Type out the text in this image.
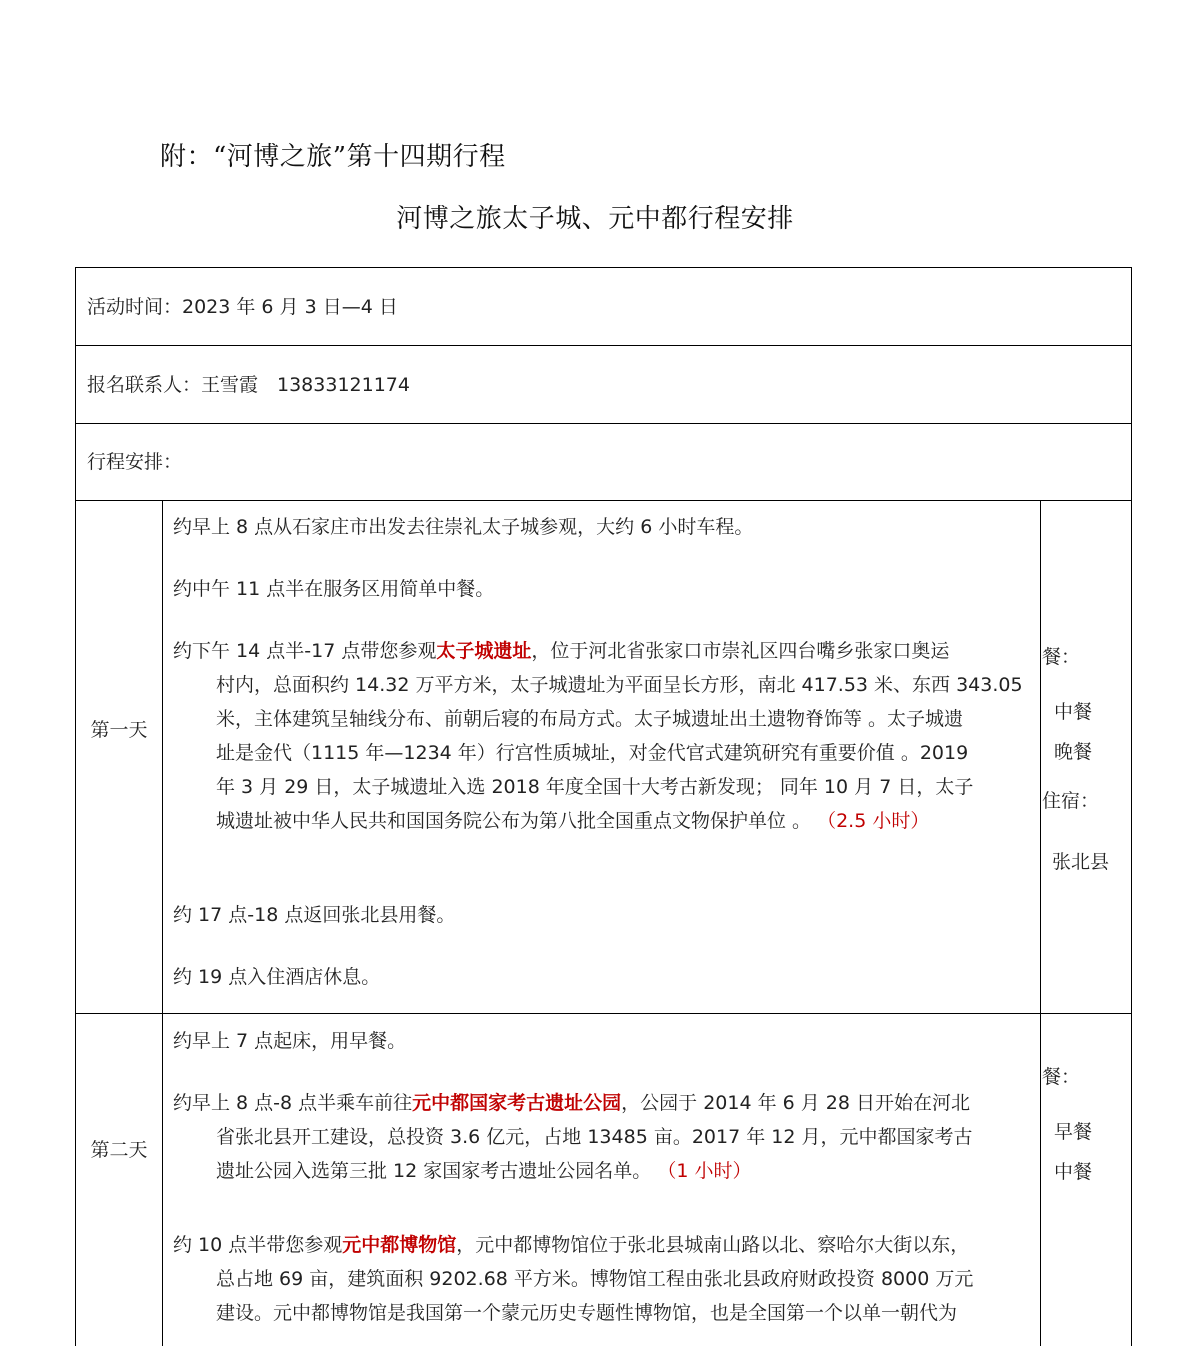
附：“河博之旅”第十四期行程
河博之旅太子城、元中都行程安排
活动时间：2023 年 6 月 3 日—4 日
报名联系人：王雪霞　13833121174
行程安排：
第一天

约早上 8 点从石家庄市出发去往崇礼太子城参观，大约 6 小时车程。

约中午 11 点半在服务区用简单中餐。

约下午 14 点半-17 点带您参观太子城遗址，位于河北省张家口市崇礼区四台嘴乡张家口奥运
村内，总面积约 14.32 万平方米，太子城遗址为平面呈长方形，南北 417.53 米、东西 343.05
米，主体建筑呈轴线分布、前朝后寝的布局方式。太子城遗址出土遗物脊饰等 。太子城遗
址是金代（1115 年—1234 年）行宫性质城址，对金代官式建筑研究有重要价值 。2019
年 3 月 29 日，太子城遗址入选 2018 年度全国十大考古新发现； 同年 10 月 7 日，太子
城遗址被中华人民共和国国务院公布为第八批全国重点文物保护单位 。 （2.5 小时）

约 17 点-18 点返回张北县用餐。

约 19 点入住酒店休息。

餐：
中餐
晚餐
住宿：
张北县
第二天

约早上 7 点起床，用早餐。

约早上 8 点-8 点半乘车前往元中都国家考古遗址公园，公园于 2014 年 6 月 28 日开始在河北
省张北县开工建设，总投资 3.6 亿元，占地 13485 亩。2017 年 12 月，元中都国家考古
遗址公园入选第三批 12 家国家考古遗址公园名单。 （1 小时）

约 10 点半带您参观元中都博物馆，元中都博物馆位于张北县城南山路以北、察哈尔大街以东，
总占地 69 亩，建筑面积 9202.68 平方米。博物馆工程由张北县政府财政投资 8000 万元
建设。元中都博物馆是我国第一个蒙元历史专题性博物馆，也是全国第一个以单一朝代为

餐：
早餐
中餐
